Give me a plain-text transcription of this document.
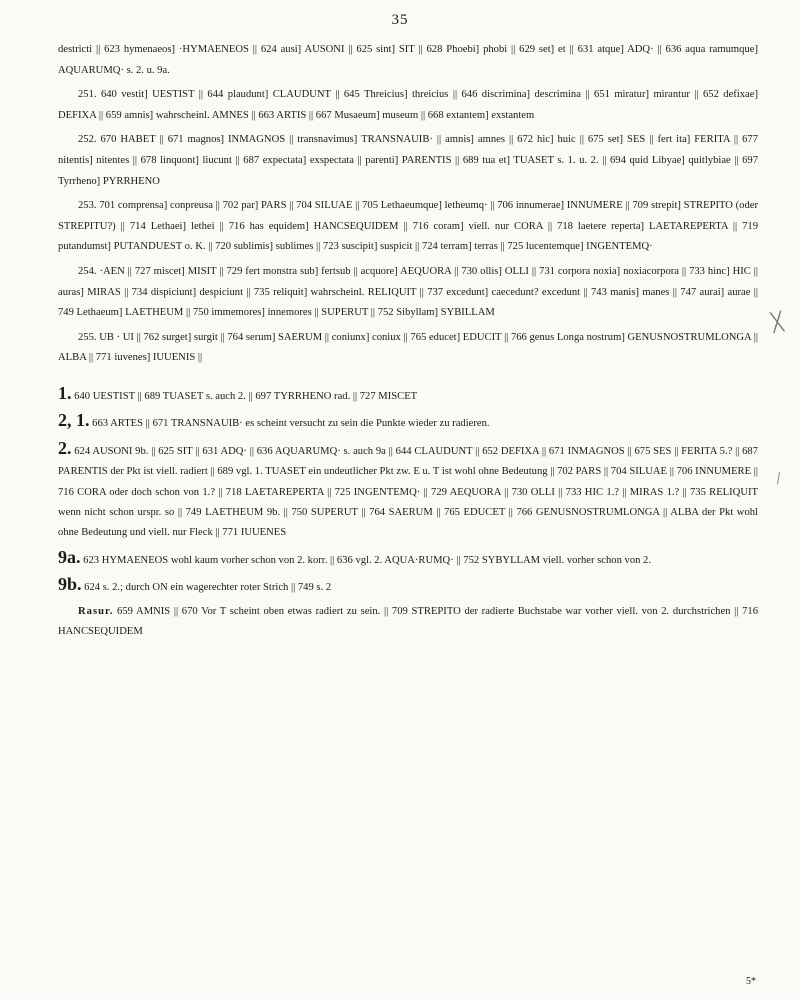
35

destricti || 623 hymenaeos] ·HYMAENEOS || 624 ausi] AUSONI || 625 sint] SIT || 628 Phoebi] phobi || 629 set] et || 631 atque] ADQ· || 636 aqua ramumque] AQUARUMQ· s. 2. u. 9a.

251. 640 vestit] UESTIST || 644 plaudunt] CLAUDUNT || 645 Threicius] threicius || 646 discrimina] descrimina || 651 miratur] mirantur || 652 defixae] DEFIXA || 659 amnis] wahrscheinl. AMNES || 663 ARTIS || 667 Musaeum] museum || 668 extantem] exstantem

252. 670 HABET || 671 magnos] INMAGNOS || transnavimus] TRANSNAUIB· || amnis] amnes || 672 hic] huic || 675 set] SES || fert ita] FERITA || 677 nitentis] nitentes || 678 linquont] liucunt || 687 expectata] exspectata || parenti] PARENTIS || 689 tua et] TUASET s. 1. u. 2. || 694 quid Libyae] quitlybiae || 697 Tyrrheno] PYRRHENO

253. 701 comprensa] conpreusa || 702 par] PARS || 704 SILUAE || 705 Lethaeumque] letheumq· || 706 innumerae] INNUMERE || 709 strepit] STREPITO (oder STREPITU?) || 714 Lethaei] lethei || 716 has equidem] HANCSEQUIDEM || 716 coram] viell. nur CORA || 718 laetere reperta] LAETAREPERTA || 719 putandumst] PUTANDUEST o. K. || 720 sublimis] sublimes || 723 suscipit] suspicit || 724 terram] terras || 725 lucentemque] INGENTEMQ·

254. ·AEN || 727 miscet] MISIT || 729 fert monstra sub] fertsub || acquore] AEQUORA || 730 ollis] OLLI || 731 corpora noxia] noxiacorpora || 733 hinc] HIC || auras] MIRAS || 734 dispiciunt] despiciunt || 735 reliquit] wahrscheinl. RELIQUIT || 737 excedunt] caecedunt? excedunt || 743 manis] manes || 747 aurai] aurae || 749 Lethaeum] LAETHEUM || 750 immemores] innemores || SUPERUT || 752 Sibyllam] SYBILLAM

255. UB · UI || 762 surget] surgit || 764 serum] SAERUM || coniunx] coniux || 765 educet] EDUCIT || 766 genus Longa nostrum] GENUSNOSTRUMLONGA || ALBA || 771 iuvenes] IUUENIS ||

1. 640 UESTIST || 689 TUASET s. auch 2. || 697 TYRRHENO rad. || 727 MISCET

2, 1. 663 ARTES || 671 TRANSNAUIB· es scheint versucht zu sein die Punkte wieder zu radieren.

2. 624 AUSONI 9b. || 625 SIT || 631 ADQ· || 636 AQUARUMQ· s. auch 9a || 644 CLAUDUNT || 652 DEFIXA || 671 INMAGNOS || 675 SES || FERITA 5.? || 687 PARENTIS der Pkt ist viell. radiert || 689 vgl. 1. TUASET ein undeutlicher Pkt zw. E u. T ist wohl ohne Bedeutung || 702 PARS || 704 SILUAE || 706 INNUMERE || 716 CORA oder doch schon von 1.? || 718 LAETAREPERTA || 725 INGENTEMQ· || 729 AEQUORA || 730 OLLI || 733 HIC 1.? || MIRAS 1.? || 735 RELIQUIT wenn nicht schon urspr. so || 749 LAETHEUM 9b. || 750 SUPERUT || 764 SAERUM || 765 EDUCET || 766 GENUSNOSTRUMLONGA || ALBA der Pkt wohl ohne Bedeutung und viell. nur Fleck || 771 IUUENES

9a. 623 HYMAENEOS wohl kaum vorher schon von 2. korr. || 636 vgl. 2. AQUA·RUMQ· || 752 SYBYLLAM viell. vorher schon von 2.

9b. 624 s. 2.; durch ON ein wagerechter roter Strich || 749 s. 2

Rasur. 659 AMNIS || 670 Vor T scheint oben etwas radiert zu sein. || 709 STREPITO der radierte Buchstabe war vorher viell. von 2. durchstrichen || 716 HANCSEQUIDEM

╳
/
5*
